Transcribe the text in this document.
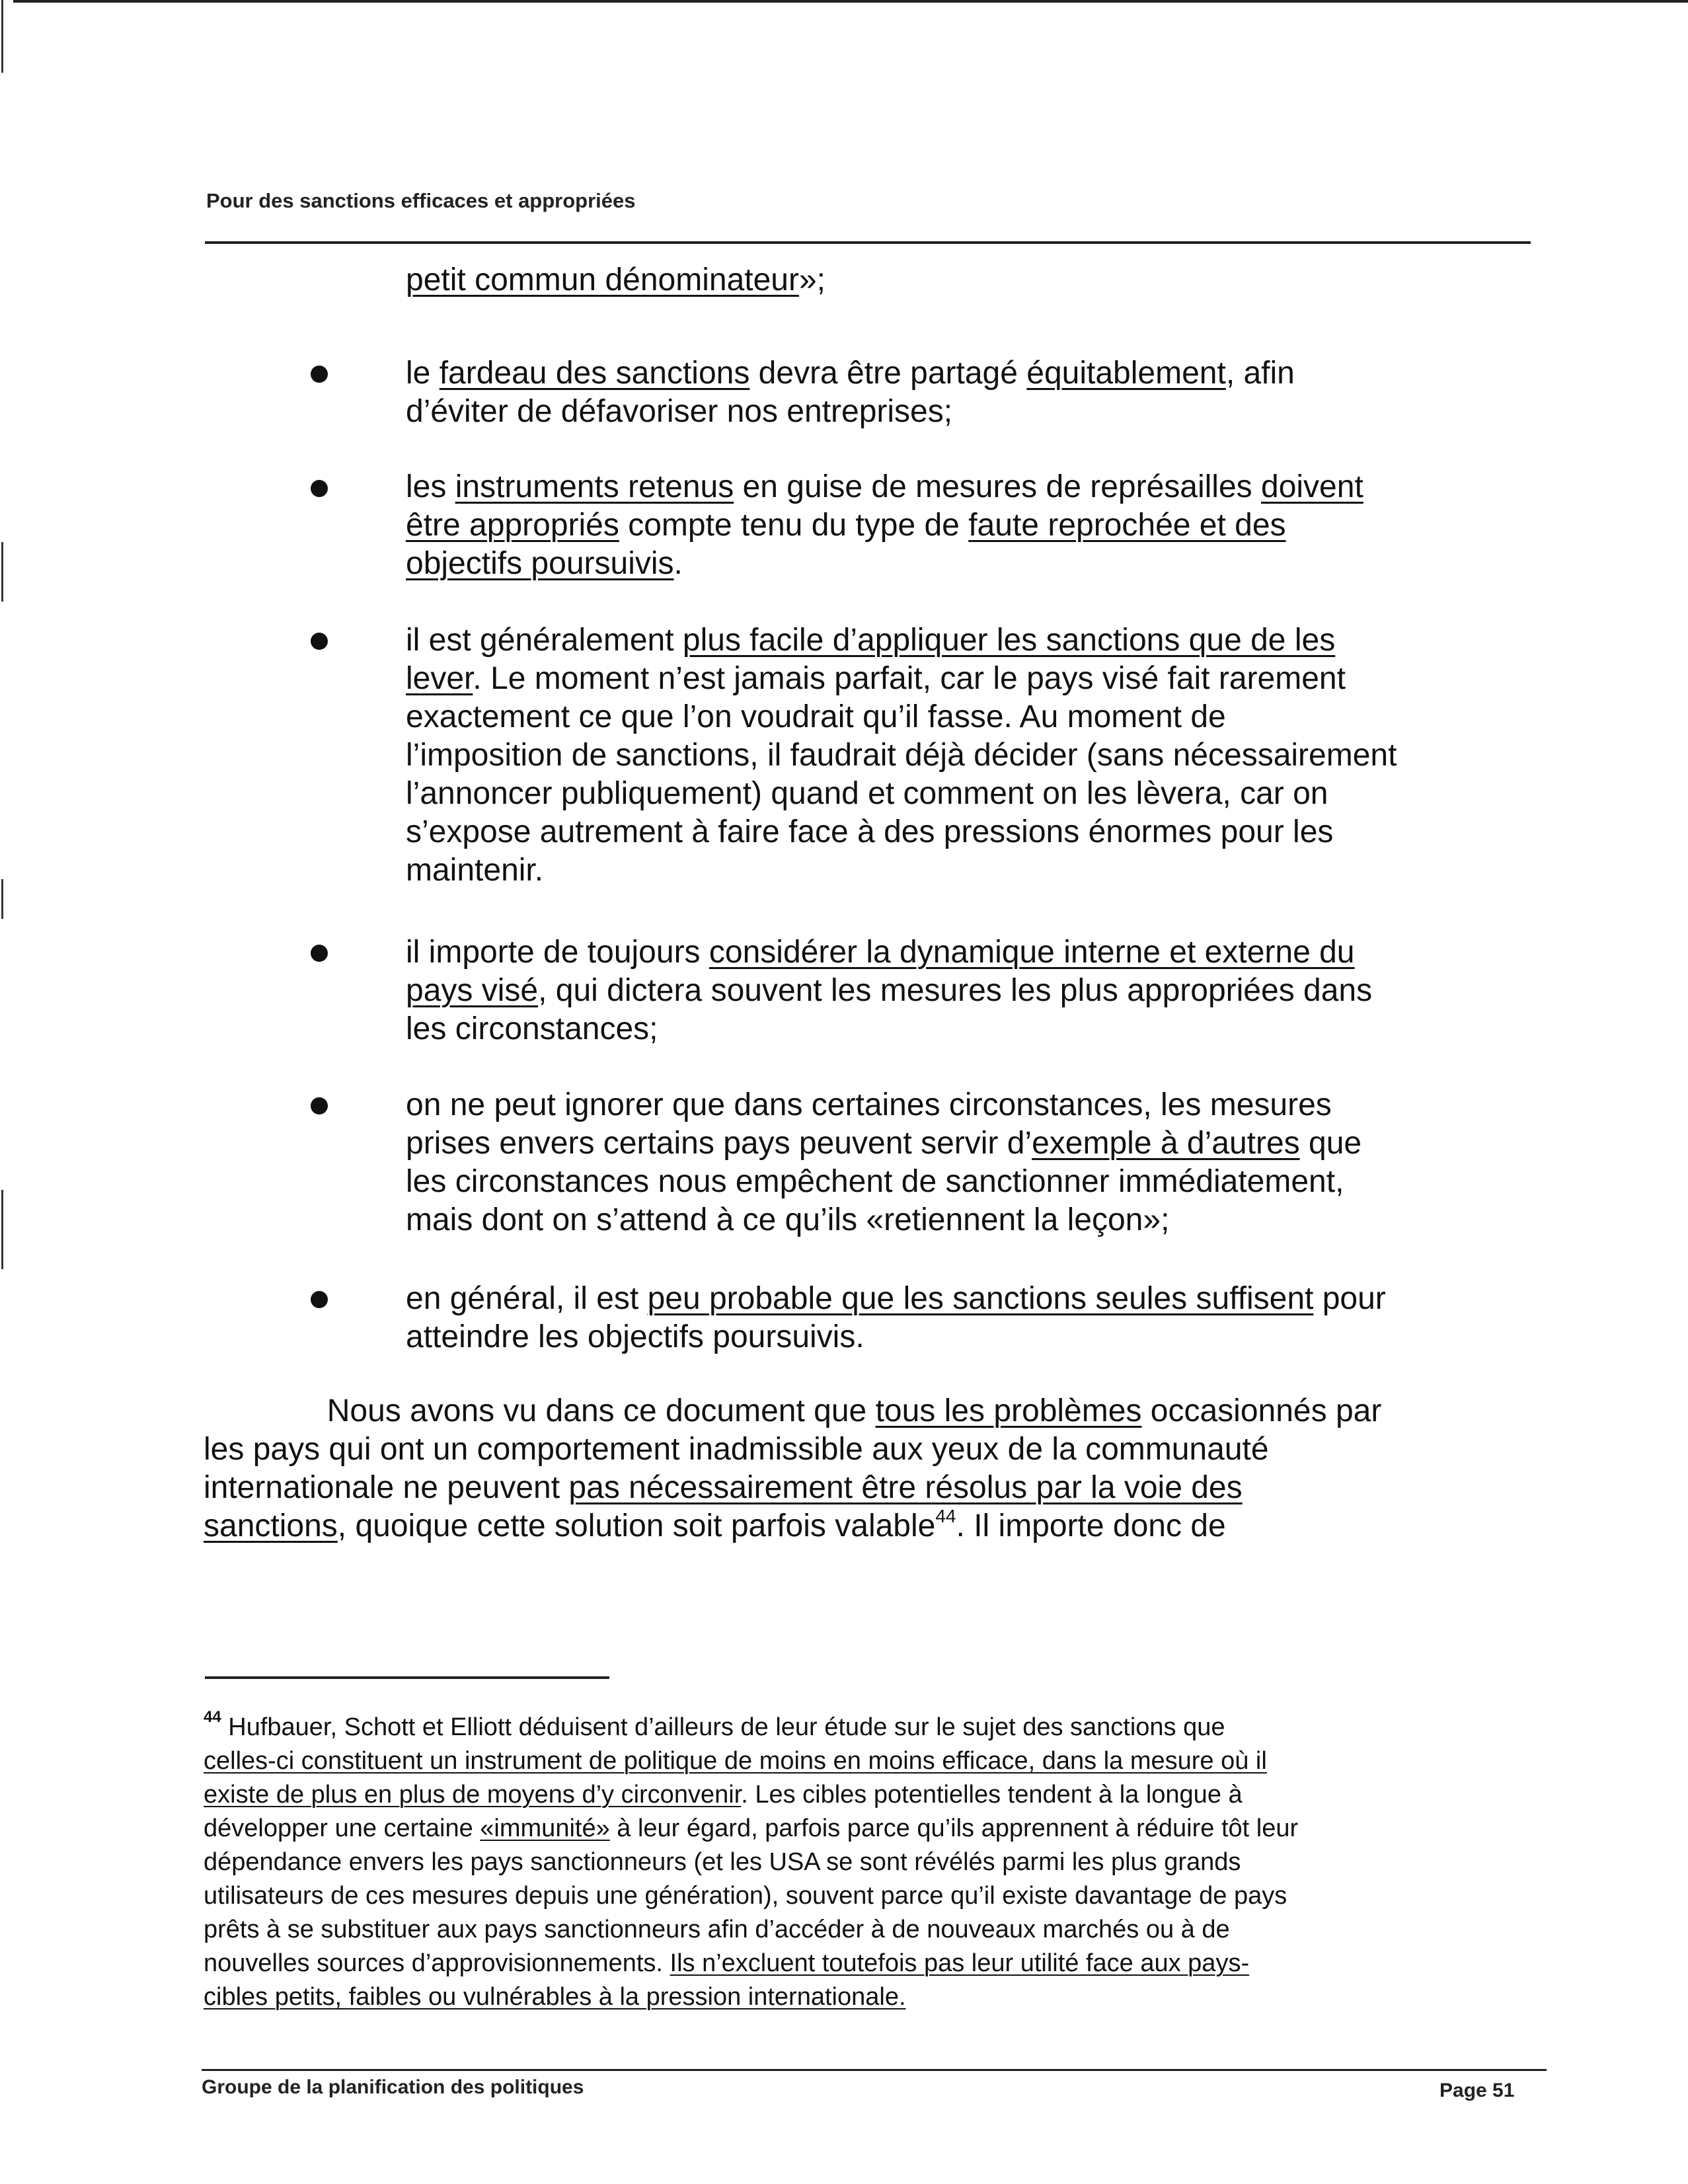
Pour des sanctions efficaces et appropriées

petit commun dénominateur»;

le fardeau des sanctions devra être partagé équitablement, afin
d’éviter de défavoriser nos entreprises;

les instruments retenus en guise de mesures de représailles doivent
être appropriés compte tenu du type de faute reprochée et des
objectifs poursuivis.

il est généralement plus facile d’appliquer les sanctions que de les
lever. Le moment n’est jamais parfait, car le pays visé fait rarement
exactement ce que l’on voudrait qu’il fasse. Au moment de
l’imposition de sanctions, il faudrait déjà décider (sans nécessairement
l’annoncer publiquement) quand et comment on les lèvera, car on
s’expose autrement à faire face à des pressions énormes pour les
maintenir.

il importe de toujours considérer la dynamique interne et externe du
pays visé, qui dictera souvent les mesures les plus appropriées dans
les circonstances;

on ne peut ignorer que dans certaines circonstances, les mesures
prises envers certains pays peuvent servir d’exemple à d’autres que
les circonstances nous empêchent de sanctionner immédiatement,
mais dont on s’attend à ce qu’ils «retiennent la leçon»;

en général, il est peu probable que les sanctions seules suffisent pour
atteindre les objectifs poursuivis.

Nous avons vu dans ce document que tous les problèmes occasionnés par
les pays qui ont un comportement inadmissible aux yeux de la communauté
internationale ne peuvent pas nécessairement être résolus par la voie des
sanctions, quoique cette solution soit parfois valable$^{44}$. Il importe donc de

$^{44}$ Hufbauer, Schott et Elliott déduisent d’ailleurs de leur étude sur le sujet des sanctions que
celles-ci constituent un instrument de politique de moins en moins efficace, dans la mesure où il
existe de plus en plus de moyens d’y circonvenir. Les cibles potentielles tendent à la longue à
développer une certaine «immunité» à leur égard, parfois parce qu’ils apprennent à réduire tôt leur
dépendance envers les pays sanctionneurs (et les USA se sont révélés parmi les plus grands
utilisateurs de ces mesures depuis une génération), souvent parce qu’il existe davantage de pays
prêts à se substituer aux pays sanctionneurs afin d’accéder à de nouveaux marchés ou à de
nouvelles sources d’approvisionnements. Ils n’excluent toutefois pas leur utilité face aux pays-
cibles petits, faibles ou vulnérables à la pression internationale.

Groupe de la planification des politiques	Page 51
